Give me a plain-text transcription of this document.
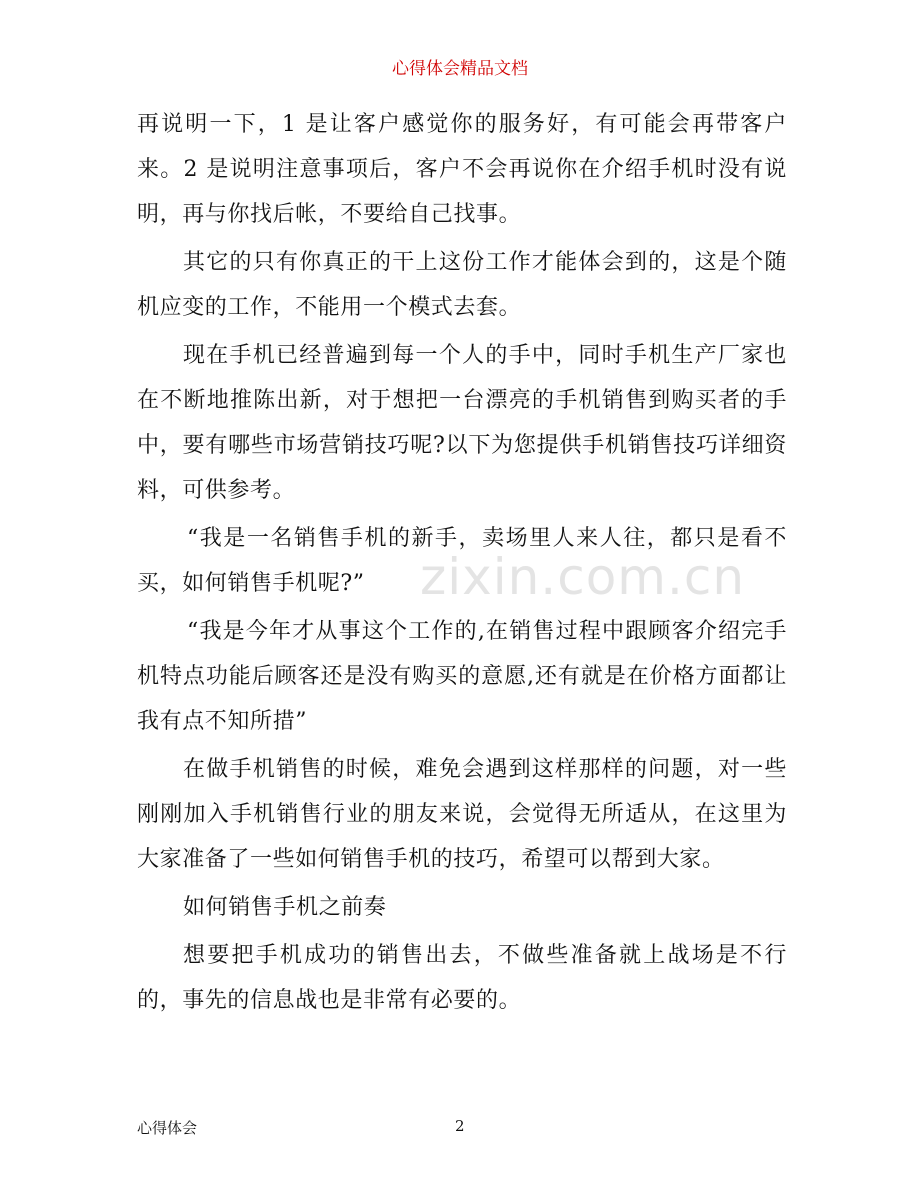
心得体会精品文档
zixin.com.cn

再说明一下，1 是让客户感觉你的服务好，有可能会再带客户来。2 是说明注意事项后，客户不会再说你在介绍手机时没有说明，再与你找后帐，不要给自己找事。

其它的只有你真正的干上这份工作才能体会到的，这是个随机应变的工作，不能用一个模式去套。

现在手机已经普遍到每一个人的手中，同时手机生产厂家也在不断地推陈出新，对于想把一台漂亮的手机销售到购买者的手中，要有哪些市场营销技巧呢?以下为您提供手机销售技巧详细资料，可供参考。

“我是一名销售手机的新手，卖场里人来人往，都只是看不买，如何销售手机呢?”

“我是今年才从事这个工作的,在销售过程中跟顾客介绍完手机特点功能后顾客还是没有购买的意愿,还有就是在价格方面都让我有点不知所措”

在做手机销售的时候，难免会遇到这样那样的问题，对一些刚刚加入手机销售行业的朋友来说，会觉得无所适从，在这里为大家准备了一些如何销售手机的技巧，希望可以帮到大家。

如何销售手机之前奏

想要把手机成功的销售出去，不做些准备就上战场是不行的，事先的信息战也是非常有必要的。

心得体会	2
